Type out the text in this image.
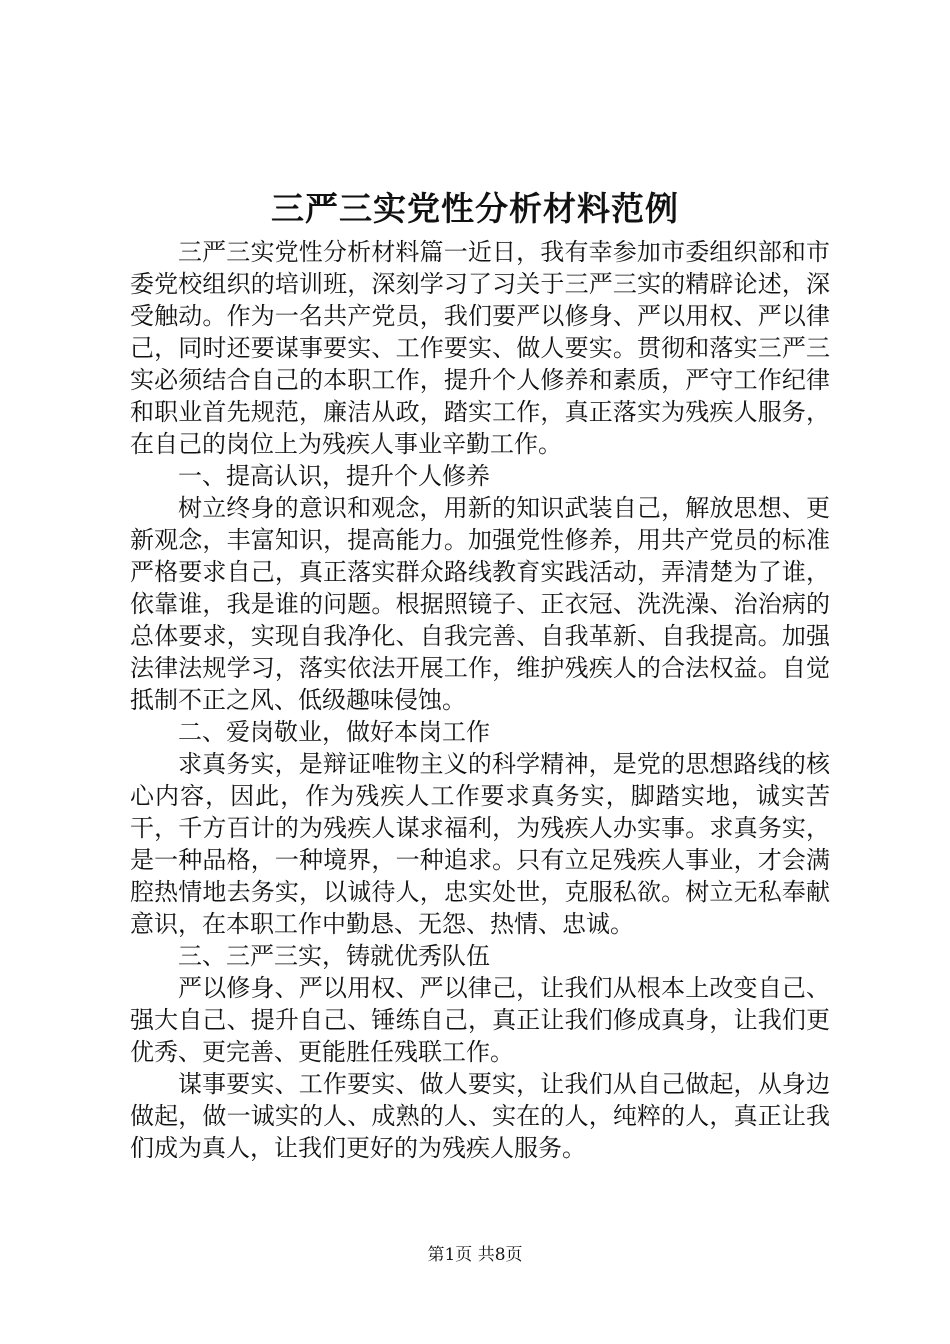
三严三实党性分析材料范例

三严三实党性分析材料篇一近日，我有幸参加市委组织部和市委党校组织的培训班，深刻学习了习关于三严三实的精辟论述，深受触动。作为一名共产党员，我们要严以修身、严以用权、严以律己，同时还要谋事要实、工作要实、做人要实。贯彻和落实三严三实必须结合自己的本职工作，提升个人修养和素质，严守工作纪律和职业首先规范，廉洁从政，踏实工作，真正落实为残疾人服务，在自己的岗位上为残疾人事业辛勤工作。

一、提高认识，提升个人修养

树立终身的意识和观念，用新的知识武装自己，解放思想、更新观念，丰富知识，提高能力。加强党性修养，用共产党员的标准严格要求自己，真正落实群众路线教育实践活动，弄清楚为了谁，依靠谁，我是谁的问题。根据照镜子、正衣冠、洗洗澡、治治病的总体要求，实现自我净化、自我完善、自我革新、自我提高。加强法律法规学习，落实依法开展工作，维护残疾人的合法权益。自觉抵制不正之风、低级趣味侵蚀。

二、爱岗敬业，做好本岗工作

求真务实，是辩证唯物主义的科学精神，是党的思想路线的核心内容，因此，作为残疾人工作要求真务实，脚踏实地，诚实苦干，千方百计的为残疾人谋求福利，为残疾人办实事。求真务实，是一种品格，一种境界，一种追求。只有立足残疾人事业，才会满腔热情地去务实，以诚待人，忠实处世，克服私欲。树立无私奉献意识，在本职工作中勤恳、无怨、热情、忠诚。

三、三严三实，铸就优秀队伍

严以修身、严以用权、严以律己，让我们从根本上改变自己、强大自己、提升自己、锤练自己，真正让我们修成真身，让我们更优秀、更完善、更能胜任残联工作。

谋事要实、工作要实、做人要实，让我们从自己做起，从身边做起，做一诚实的人、成熟的人、实在的人，纯粹的人，真正让我们成为真人，让我们更好的为残疾人服务。

第1页 共8页
